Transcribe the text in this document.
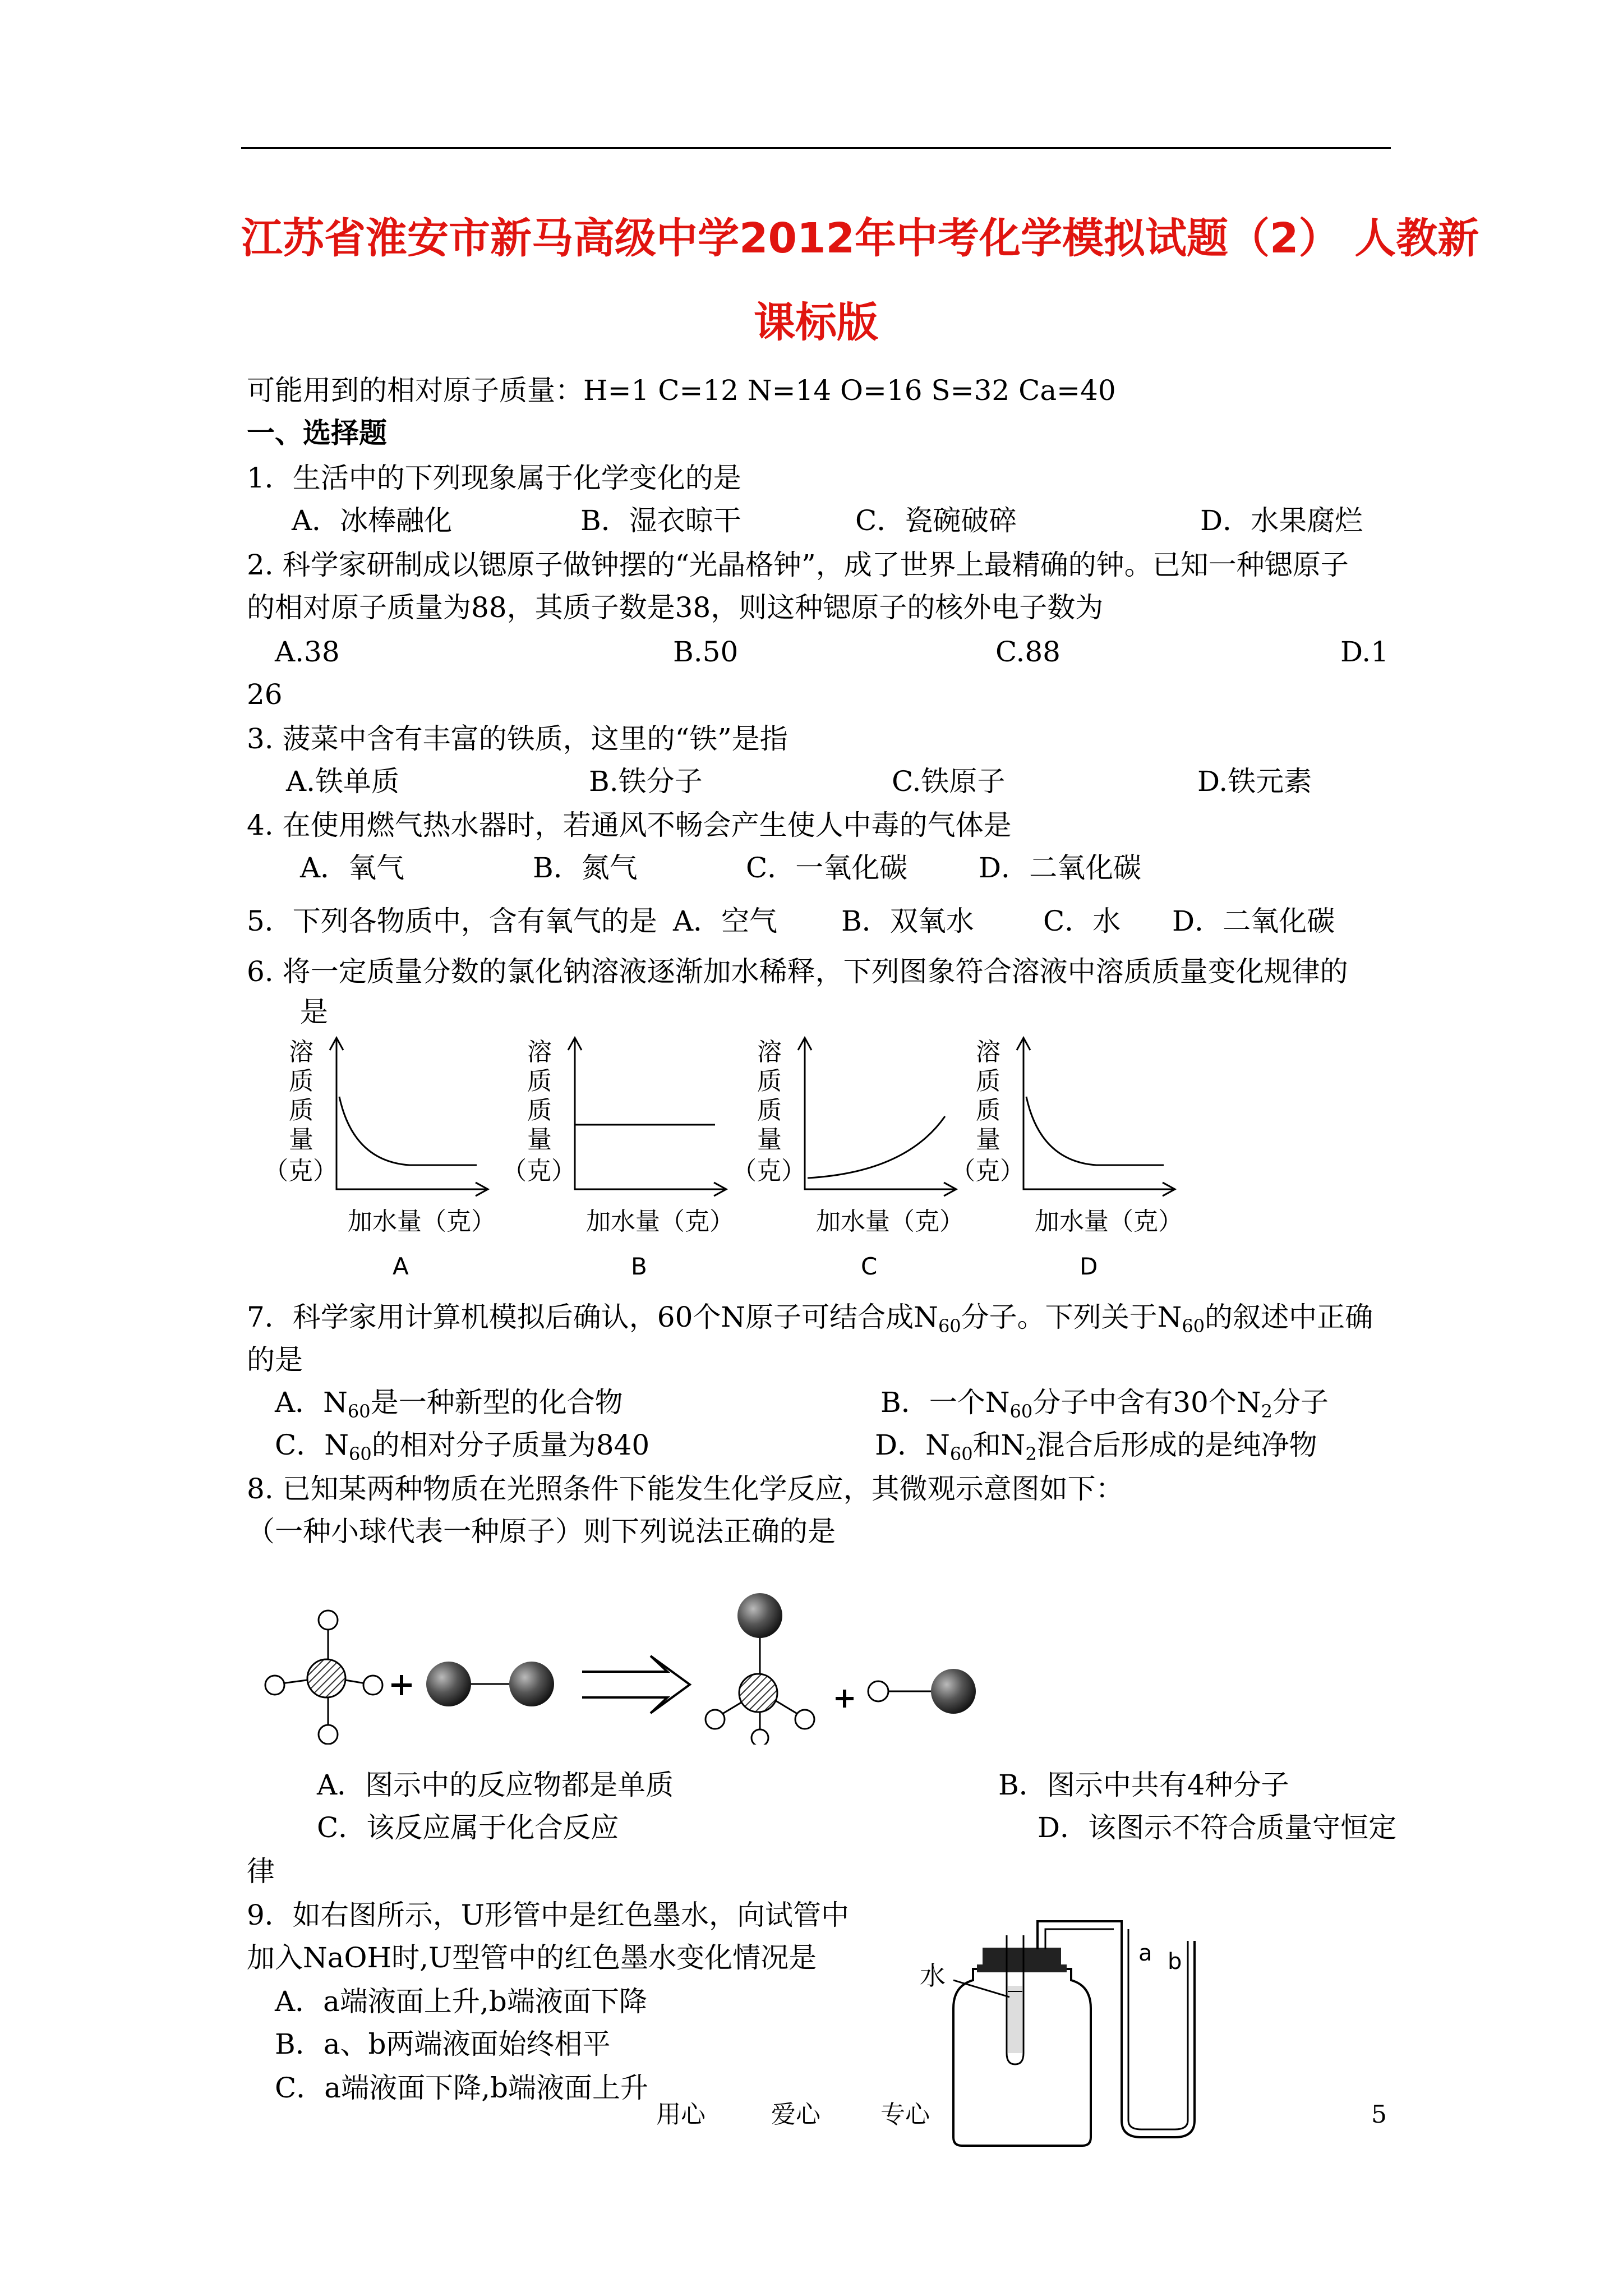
江苏省淮安市新马高级中学2012年中考化学模拟试题（2） 人教新
课标版
可能用到的相对原子质量：H=1 C=12 N=14 O=16 S=32 Ca=40
一、选择题
1．生活中的下列现象属于化学变化的是
A．冰棒融化	B．湿衣晾干	C．瓷碗破碎	D．水果腐烂
2. 科学家研制成以锶原子做钟摆的“光晶格钟”，成了世界上最精确的钟。已知一种锶原子
的相对原子质量为88，其质子数是38，则这种锶原子的核外电子数为
A.38	B.50	C.88	D.1
26
3. 菠菜中含有丰富的铁质，这里的“铁”是指
A.铁单质	B.铁分子	C.铁原子	D.铁元素
4. 在使用燃气热水器时，若通风不畅会产生使人中毒的气体是
A．氧气	B．氮气	C．一氧化碳	D．二氧化碳
5．下列各物质中，含有氧气的是 A．空气 B．双氧水 C．水 D．二氧化碳
6. 将一定质量分数的氯化钠溶液逐渐加水稀释，下列图象符合溶液中溶质质量变化规律的
是
溶
质
质
量
（克）
加水量（克）
A
溶
质
质
量
（克）
加水量（克）
B
溶
质
质
量
（克）
加水量（克）
C
溶
质
质
量
（克）
加水量（克）
D
7．科学家用计算机模拟后确认，60个N原子可结合成$N_{60}$分子。下列关于$N_{60}$的叙述中正确
的是
A．$N_{60}$是一种新型的化合物	B．一个$N_{60}$分子中含有30个$N_2$分子
C．$N_{60}$的相对分子质量为840	D．$N_{60}$和$N_2$混合后形成的是纯净物
8. 已知某两种物质在光照条件下能发生化学反应，其微观示意图如下：
（一种小球代表一种原子）则下列说法正确的是
A．图示中的反应物都是单质	B．图示中共有4种分子
C．该反应属于化合反应	D．该图示不符合质量守恒定
律
9．如右图所示，U形管中是红色墨水，向试管中
加入NaOH时,U型管中的红色墨水变化情况是
A．a端液面上升,b端液面下降
B．a、b两端液面始终相平
C．a端液面下降,b端液面上升
水
a b
用心	爱心 专心	5
